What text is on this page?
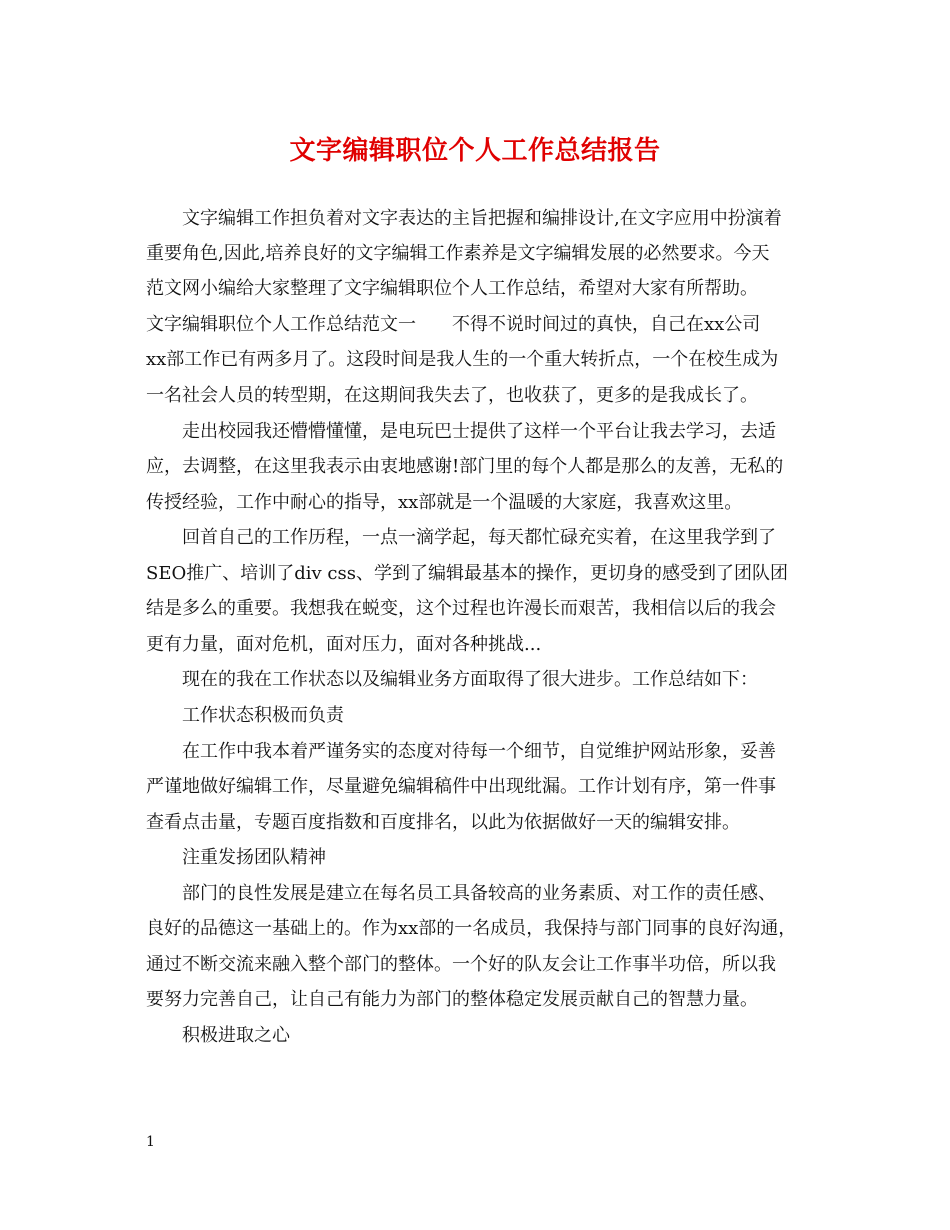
文字编辑职位个人工作总结报告
文字编辑工作担负着对文字表达的主旨把握和编排设计,在文字应用中扮演着
重要角色,因此,培养良好的文字编辑工作素养是文字编辑发展的必然要求。今天
范文网小编给大家整理了文字编辑职位个人工作总结，希望对大家有所帮助。
文字编辑职位个人工作总结范文一　　不得不说时间过的真快，自己在xx公司
xx部工作已有两多月了。这段时间是我人生的一个重大转折点，一个在校生成为
一名社会人员的转型期，在这期间我失去了，也收获了，更多的是我成长了。
走出校园我还懵懵懂懂，是电玩巴士提供了这样一个平台让我去学习，去适
应，去调整，在这里我表示由衷地感谢!部门里的每个人都是那么的友善，无私的
传授经验，工作中耐心的指导，xx部就是一个温暖的大家庭，我喜欢这里。
回首自己的工作历程，一点一滴学起，每天都忙碌充实着，在这里我学到了
SEO推广、培训了div css、学到了编辑最基本的操作，更切身的感受到了团队团
结是多么的重要。我想我在蜕变，这个过程也许漫长而艰苦，我相信以后的我会
更有力量，面对危机，面对压力，面对各种挑战...
现在的我在工作状态以及编辑业务方面取得了很大进步。工作总结如下：
工作状态积极而负责
在工作中我本着严谨务实的态度对待每一个细节，自觉维护网站形象，妥善
严谨地做好编辑工作，尽量避免编辑稿件中出现纰漏。工作计划有序，第一件事
查看点击量，专题百度指数和百度排名，以此为依据做好一天的编辑安排。
注重发扬团队精神
部门的良性发展是建立在每名员工具备较高的业务素质、对工作的责任感、
良好的品德这一基础上的。作为xx部的一名成员，我保持与部门同事的良好沟通，
通过不断交流来融入整个部门的整体。一个好的队友会让工作事半功倍，所以我
要努力完善自己，让自己有能力为部门的整体稳定发展贡献自己的智慧力量。
积极进取之心
1
